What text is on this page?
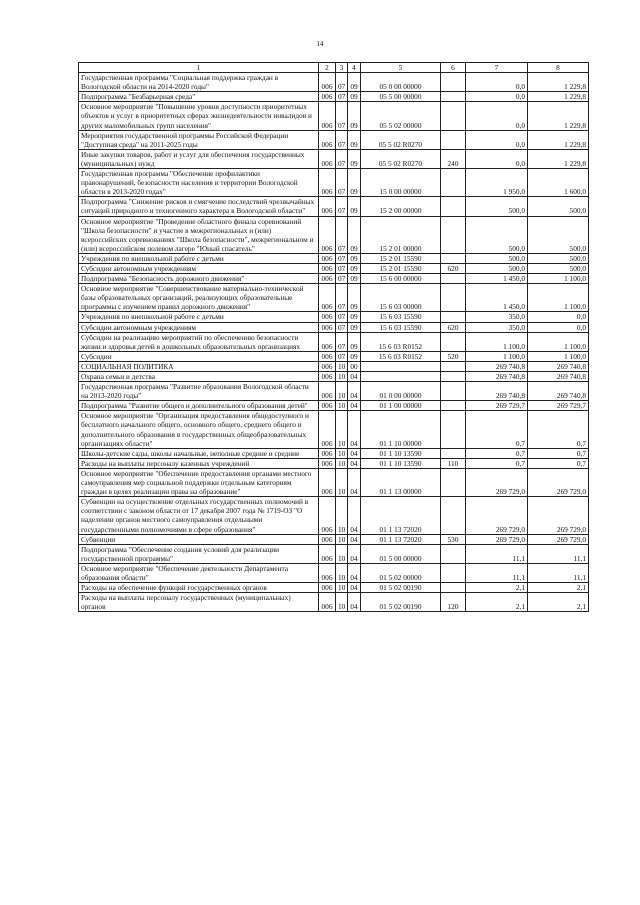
14
1	2	3	4	5	6	7	8
Государственная программа "Социальная поддержка граждан в Вологодской области на 2014-2020 годы"	006	07	09	05 0 00 00000		0,0	1 229,8
Подпрограмма "Безбарьерная среда"	006	07	09	05 5 00 00000		0,0	1 229,8
Основное мероприятие "Повышение уровня доступности приоритетных объектов и услуг в приоритетных сферах жизнедеятельности инвалидов и других маломобильных групп населения"	006	07	09	05 5 02 00000		0,0	1 229,8
Мероприятия государственной программы Российской Федерации "Доступная среда" на 2011-2025 годы	006	07	09	05 5 02 R0270		0,0	1 229,8
Иные закупки товаров, работ и услуг для обеспечения государственных (муниципальных) нужд	006	07	09	05 5 02 R0270	240	0,0	1 229,8
Государственная программа "Обеспечение профилактики правонарушений, безопасности населения и территории Вологодской области в 2013-2020 годах"	006	07	09	15 0 00 00000		1 950,0	1 600,0
Подпрограмма "Снижение рисков и смягчение последствий чрезвычайных ситуаций природного и техногенного характера в Вологодской области"	006	07	09	15 2 00 00000		500,0	500,0
Основное мероприятие "Проведение областного финала соревнований "Школа безопасности" и участие в межрегиональных и (или) всероссийских соревнованиях "Школа безопасности", межрегиональном и (или) всероссийском полевом лагере "Юный спасатель"	006	07	09	15 2 01 00000		500,0	500,0
Учреждения по внешкольной работе с детьми	006	07	09	15 2 01 15590		500,0	500,0
Субсидии автономным учреждениям	006	07	09	15 2 01 15590	620	500,0	500,0
Подпрограмма "Безопасность дорожного движения"	006	07	09	15 6 00 00000		1 450,0	1 100,0
Основное мероприятие "Совершенствование материально-технической базы образовательных организаций, реализующих образовательные программы с изучением правил дорожного движения"	006	07	09	15 6 03 00000		1 450,0	1 100,0
Учреждения по внешкольной работе с детьми	006	07	09	15 6 03 15590		350,0	0,0
Субсидии автономным учреждениям	006	07	09	15 6 03 15590	620	350,0	0,0
Субсидии на реализацию мероприятий по обеспечению безопасности жизни и здоровья детей в дошкольных образовательных организациях	006	07	09	15 6 03 R0152		1 100,0	1 100,0
Субсидии	006	07	09	15 6 03 R0152	520	1 100,0	1 100,0
СОЦИАЛЬНАЯ ПОЛИТИКА	006	10	00			269 740,8	269 740,8
Охрана семьи и детства	006	10	04			269 740,8	269 740,8
Государственная программа "Развитие образования Вологодской области на 2013-2020 годы"	006	10	04	01 0 00 00000		269 740,8	269 740,8
Подпрограмма "Развитие общего и дополнительного образования детей"	006	10	04	01 1 00 00000		269 729,7	269 729,7
Основное мероприятие "Организация предоставления общедоступного и бесплатного начального общего, основного общего, среднего общего и дополнительного образования в государственных общеобразовательных организациях области"	006	10	04	01 1 10 00000		0,7	0,7
Школы-детские сады, школы начальные, неполные средние и средние	006	10	04	01 1 10 13590		0,7	0,7
Расходы на выплаты персоналу казенных учреждений	006	10	04	01 1 10 13590	110	0,7	0,7
Основное мероприятие "Обеспечение предоставления органами местного самоуправления мер социальной поддержки отдельным категориям граждан в целях реализации права на образование"	006	10	04	01 1 13 00000		269 729,0	269 729,0
Субвенции на осуществление отдельных государственных полномочий в соответствии с законом области от 17 декабря 2007 года № 1719-ОЗ "О наделении органов местного самоуправления отдельными государственными полномочиями в сфере образования"	006	10	04	01 1 13 72020		269 729,0	269 729,0
Субвенции	006	10	04	01 1 13 72020	530	269 729,0	269 729,0
Подпрограмма "Обеспечение создания условий для реализации государственной программы"	006	10	04	01 5 00 00000		11,1	11,1
Основное мероприятие "Обеспечение деятельности Департамента образования области"	006	10	04	01 5 02 00000		11,1	11,1
Расходы на обеспечение функций государственных органов	006	10	04	01 5 02 00190		2,1	2,1
Расходы на выплаты персоналу государственных (муниципальных) органов	006	10	04	01 5 02 00190	120	2,1	2,1
